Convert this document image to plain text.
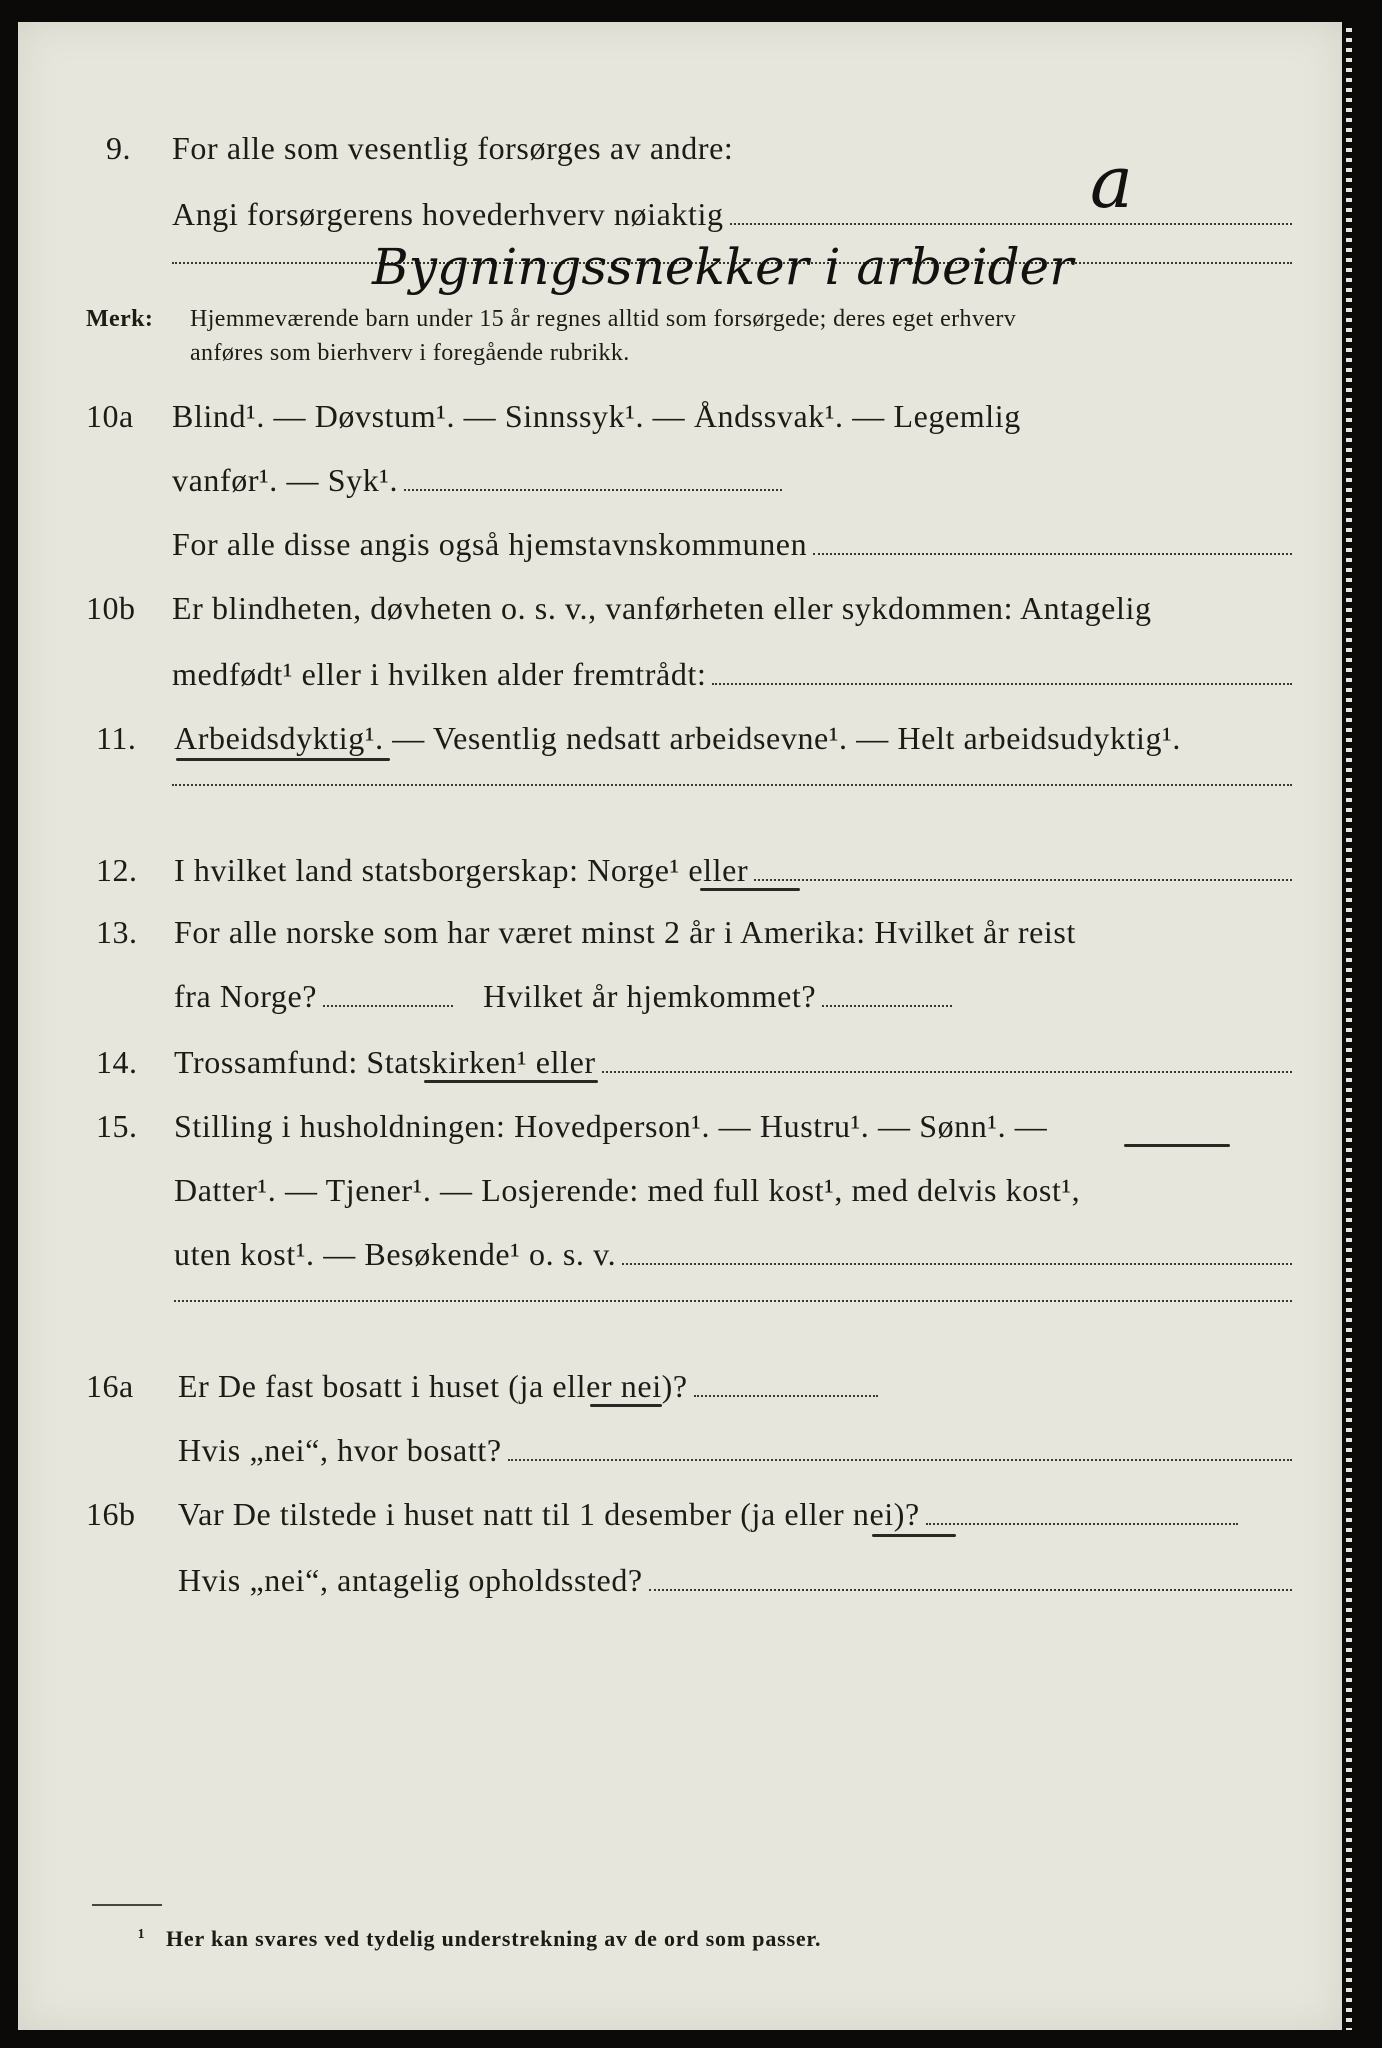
9. For alle som vesentlig forsørges av andre:
Angi forsørgerens hovederhverv nøiaktig	a
Bygningssnekker i arbeider
Merk: Hjemmeværende barn under 15 år regnes alltid som forsørgede; deres eget erhverv
anføres som bierhverv i foregående rubrikk.
10a Blind¹. — Døvstum¹. — Sinnssyk¹. — Åndssvak¹. — Legemlig
vanfør¹. — Syk¹.
For alle disse angis også hjemstavnskommunen
10b Er blindheten, døvheten o. s. v., vanførheten eller sykdommen: Antagelig
medfødt¹ eller i hvilken alder fremtrådt:
11. Arbeidsdyktig¹. — Vesentlig nedsatt arbeidsevne¹. — Helt arbeidsudyktig¹.
12. I hvilket land statsborgerskap: Norge¹ eller
13. For alle norske som har været minst 2 år i Amerika: Hvilket år reist
fra Norge?	Hvilket år hjemkommet?
14. Trossamfund: Statskirken¹ eller
15. Stilling i husholdningen: Hovedperson¹. — Hustru¹. — Sønn¹. —
Datter¹. — Tjener¹. — Losjerende: med full kost¹, med delvis kost¹,
uten kost¹. — Besøkende¹ o. s. v.
16a Er De fast bosatt i huset (ja eller nei)?
Hvis „nei“, hvor bosatt?
16b Var De tilstede i huset natt til 1 desember (ja eller nei)?
Hvis „nei“, antagelig opholdssted?
¹ Her kan svares ved tydelig understrekning av de ord som passer.
